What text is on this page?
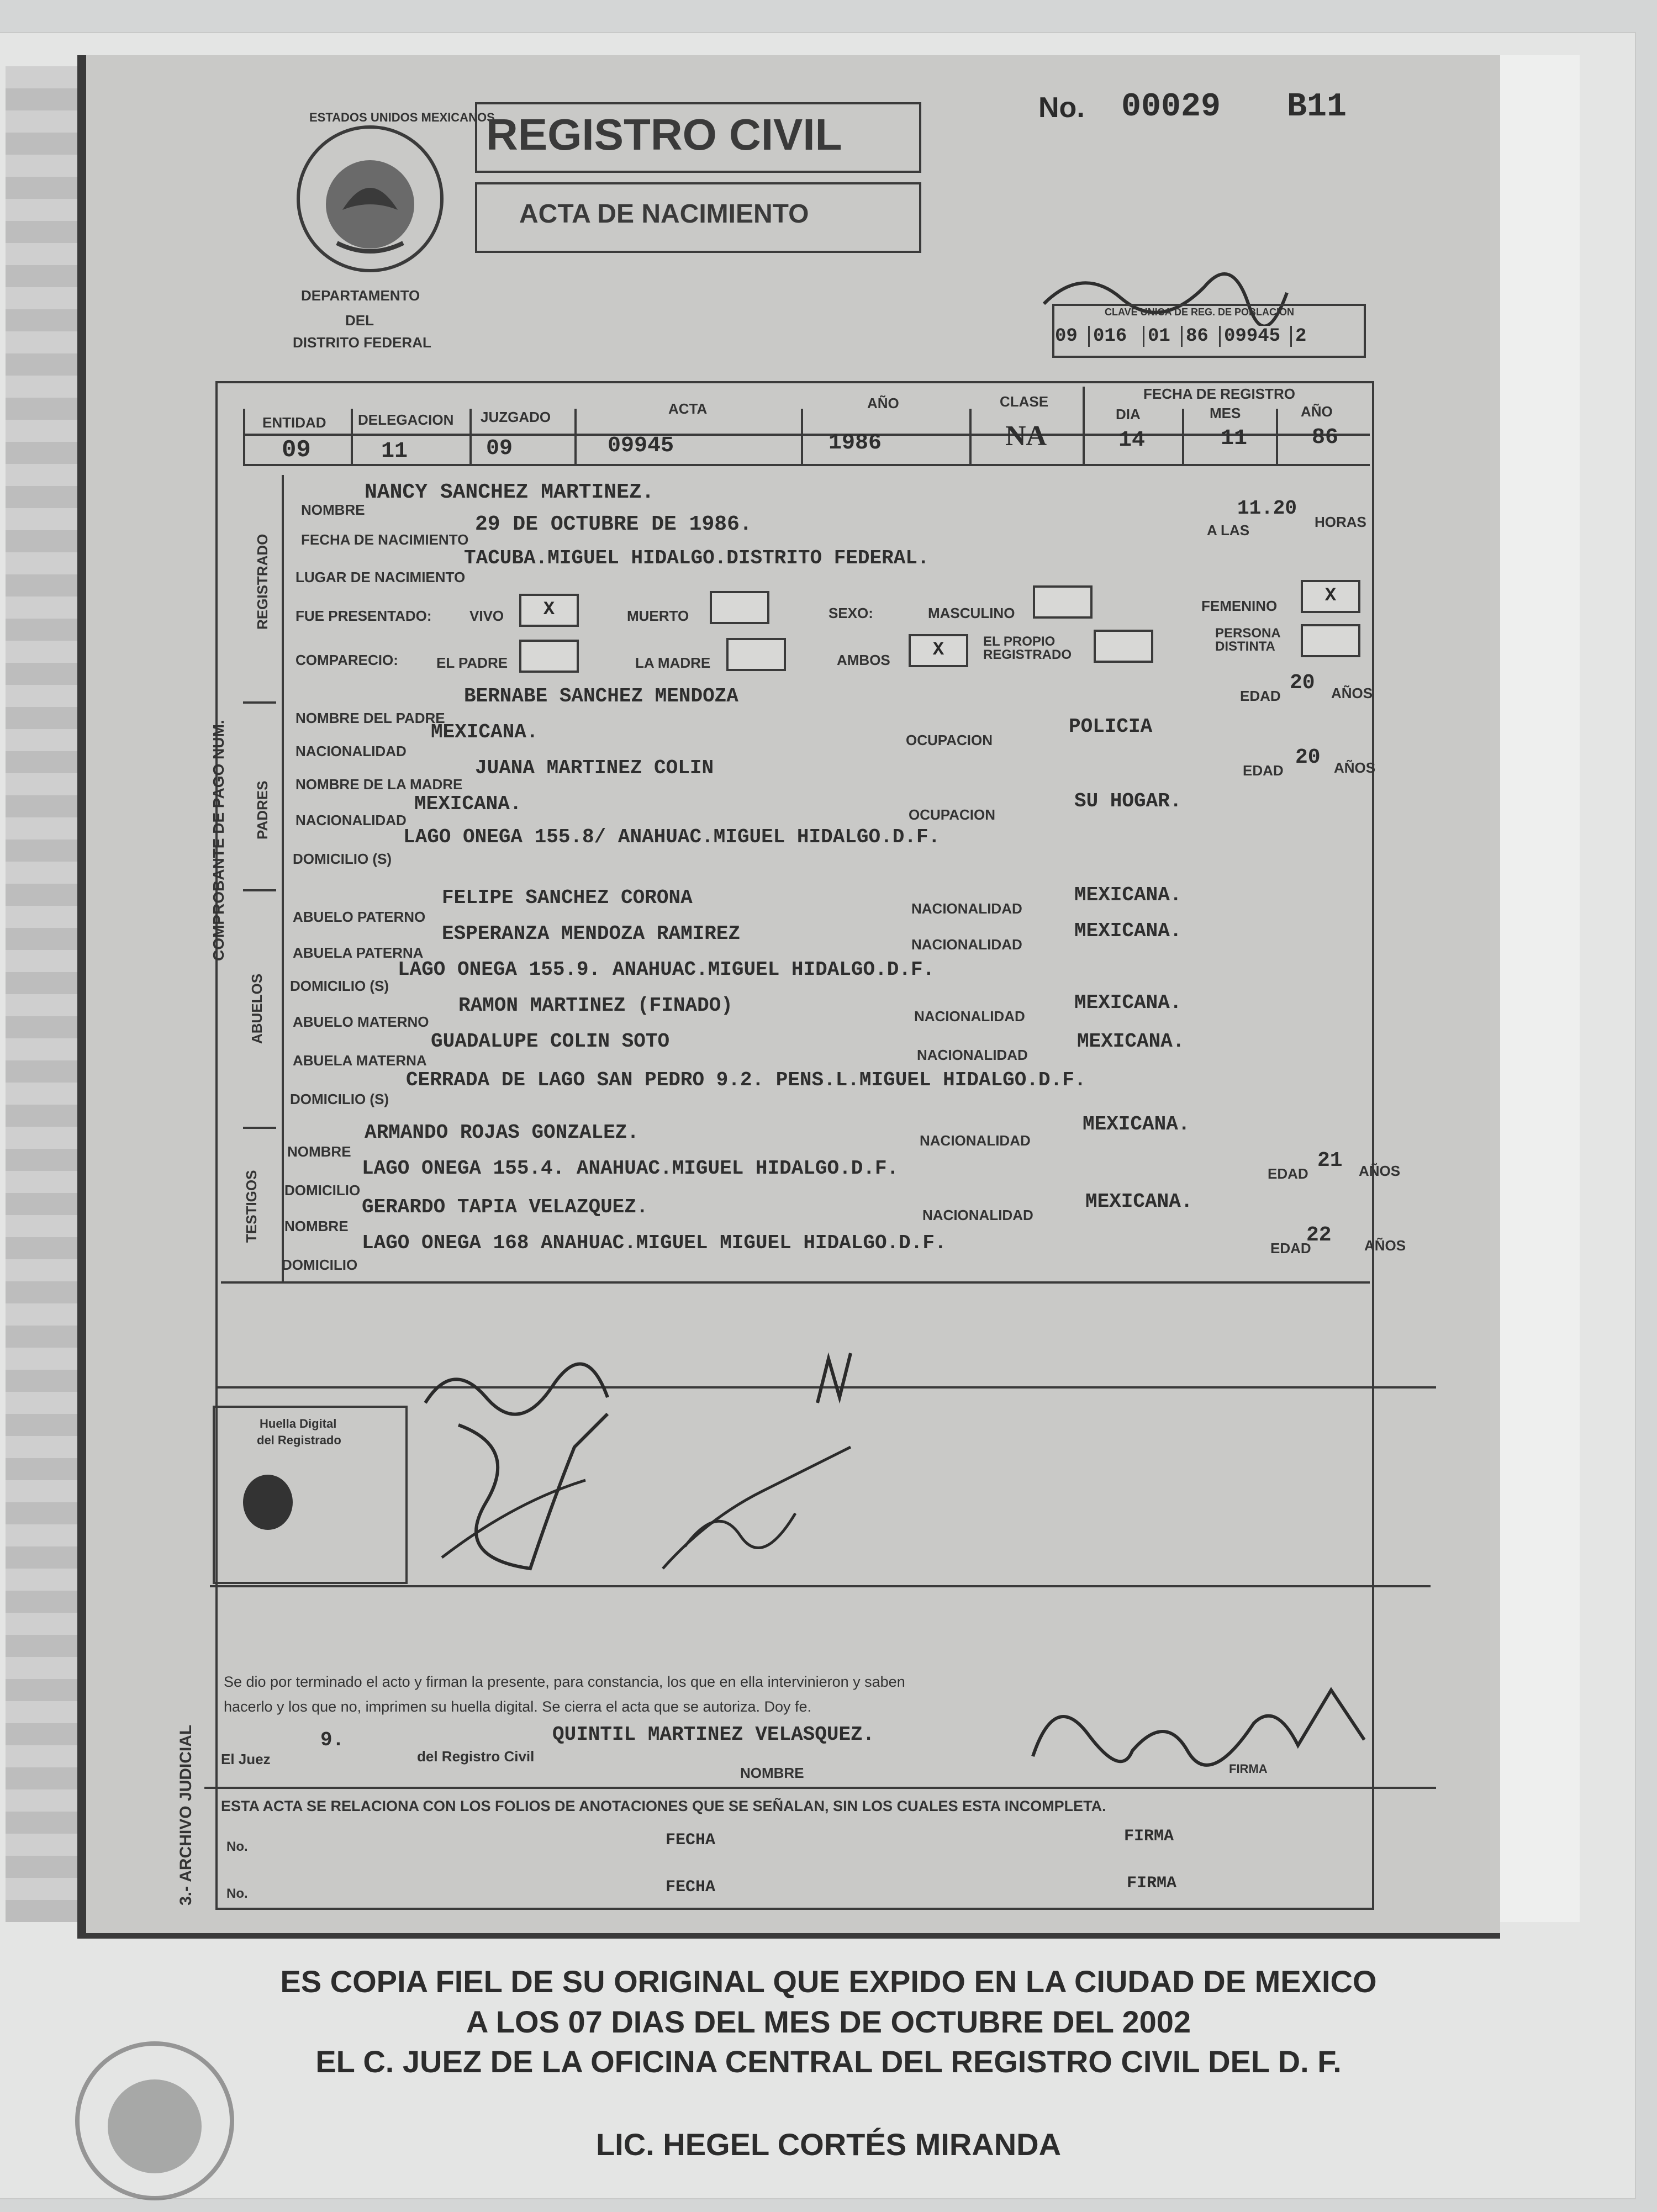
ESTADOS UNIDOS MEXICANOS
REGISTRO CIVIL
ACTA DE NACIMIENTO
No. 00029 B11
DEPARTAMENTO
DEL
DISTRITO FEDERAL
CLAVE UNICA DE REG. DE POBLACION
09 016	01 86 09945 2
ENTIDAD DELEGACION JUZGADO	ACTA	AÑO	CLASE	FECHA DE REGISTRO
DIA	MES	AÑO
09	11	09	09945	1986	NA	14	11	86
REGISTRADO
PADRES
ABUELOS
TESTIGOS
COMPROBANTE DE PAGO NUM.
3.- ARCHIVO JUDICIAL
NOMBRE
NANCY SANCHEZ MARTINEZ.
FECHA DE NACIMIENTO
29 DE OCTUBRE DE 1986.	A LAS
11.20
HORAS
LUGAR DE NACIMIENTO
TACUBA.MIGUEL HIDALGO.DISTRITO FEDERAL.
FUE PRESENTADO:	VIVO	X	MUERTO	SEXO:	MASCULINO	FEMENINO	X
COMPARECIO:	EL PADRE	LA MADRE	AMBOS	X	EL PROPIO REGISTRADO
PERSONA DISTINTA
NOMBRE DEL PADRE
BERNABE SANCHEZ MENDOZA	EDAD
20 AÑOS
NACIONALIDAD
MEXICANA.	OCUPACION
POLICIA
NOMBRE DE LA MADRE
JUANA MARTINEZ COLIN	EDAD
20 AÑOS
NACIONALIDAD
MEXICANA.	OCUPACION
SU HOGAR.
DOMICILIO (S)
LAGO ONEGA 155.8/ ANAHUAC.MIGUEL HIDALGO.D.F.
ABUELO PATERNO
FELIPE SANCHEZ CORONA	NACIONALIDAD
MEXICANA.
ABUELA PATERNA
ESPERANZA MENDOZA RAMIREZ	NACIONALIDAD
MEXICANA.
DOMICILIO (S)
LAGO ONEGA 155.9. ANAHUAC.MIGUEL HIDALGO.D.F.
ABUELO MATERNO
RAMON MARTINEZ (FINADO)	NACIONALIDAD
MEXICANA.
ABUELA MATERNA
GUADALUPE COLIN SOTO
NACIONALIDAD
MEXICANA.
DOMICILIO (S)
CERRADA DE LAGO SAN PEDRO 9.2. PENS.L.MIGUEL HIDALGO.D.F.
NOMBRE
ARMANDO ROJAS GONZALEZ.	NACIONALIDAD
MEXICANA.
DOMICILIO
LAGO ONEGA 155.4. ANAHUAC.MIGUEL HIDALGO.D.F.	EDAD
21 AÑOS
NOMBRE
GERARDO TAPIA VELAZQUEZ.	NACIONALIDAD
MEXICANA.
DOMICILIO
LAGO ONEGA 168 ANAHUAC.MIGUEL MIGUEL HIDALGO.D.F.	EDAD
22 AÑOS
Huella Digital
del Registrado
Se dio por terminado el acto y firman la presente, para constancia, los que en ella intervinieron y saben
hacerlo y los que no, imprimen su huella digital. Se cierra el acta que se autoriza. Doy fe.
El Juez
9.
del Registro Civil
QUINTIL MARTINEZ VELASQUEZ.
NOMBRE	FIRMA
ESTA ACTA SE RELACIONA CON LOS FOLIOS DE ANOTACIONES QUE SE SEÑALAN, SIN LOS CUALES ESTA INCOMPLETA.
No.	FECHA	FIRMA
No.	FECHA	FIRMA
ES COPIA FIEL DE SU ORIGINAL QUE EXPIDO EN LA CIUDAD DE MEXICO
A LOS 07 DIAS DEL MES DE OCTUBRE DEL 2002
EL C. JUEZ DE LA OFICINA CENTRAL DEL REGISTRO CIVIL DEL D. F.
LIC. HEGEL CORTÉS MIRANDA
